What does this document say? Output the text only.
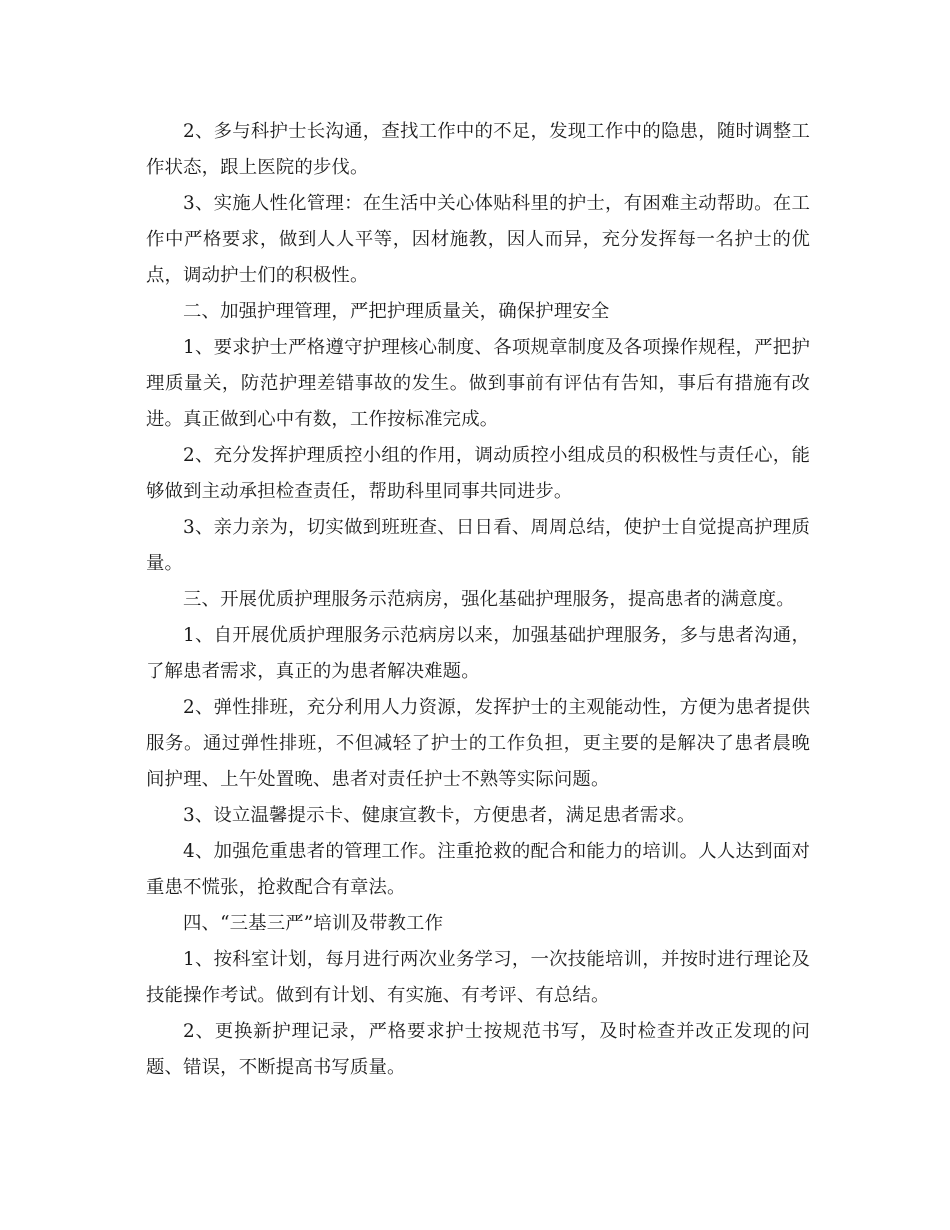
2、多与科护士长沟通，查找工作中的不足，发现工作中的隐患，随时调整工作状态，跟上医院的步伐。

3、实施人性化管理：在生活中关心体贴科里的护士，有困难主动帮助。在工作中严格要求，做到人人平等，因材施教，因人而异，充分发挥每一名护士的优点，调动护士们的积极性。

二、加强护理管理，严把护理质量关，确保护理安全

1、要求护士严格遵守护理核心制度、各项规章制度及各项操作规程，严把护理质量关，防范护理差错事故的发生。做到事前有评估有告知，事后有措施有改进。真正做到心中有数，工作按标准完成。

2、充分发挥护理质控小组的作用，调动质控小组成员的积极性与责任心，能够做到主动承担检查责任，帮助科里同事共同进步。

3、亲力亲为，切实做到班班查、日日看、周周总结，使护士自觉提高护理质量。

三、开展优质护理服务示范病房，强化基础护理服务，提高患者的满意度。

1、自开展优质护理服务示范病房以来，加强基础护理服务，多与患者沟通，了解患者需求，真正的为患者解决难题。

2、弹性排班，充分利用人力资源，发挥护士的主观能动性，方便为患者提供服务。通过弹性排班，不但减轻了护士的工作负担，更主要的是解决了患者晨晚间护理、上午处置晚、患者对责任护士不熟等实际问题。

3、设立温馨提示卡、健康宣教卡，方便患者，满足患者需求。

4、加强危重患者的管理工作。注重抢救的配合和能力的培训。人人达到面对重患不慌张，抢救配合有章法。

四、“三基三严”培训及带教工作

1、按科室计划，每月进行两次业务学习，一次技能培训，并按时进行理论及技能操作考试。做到有计划、有实施、有考评、有总结。

2、更换新护理记录，严格要求护士按规范书写，及时检查并改正发现的问题、错误，不断提高书写质量。
